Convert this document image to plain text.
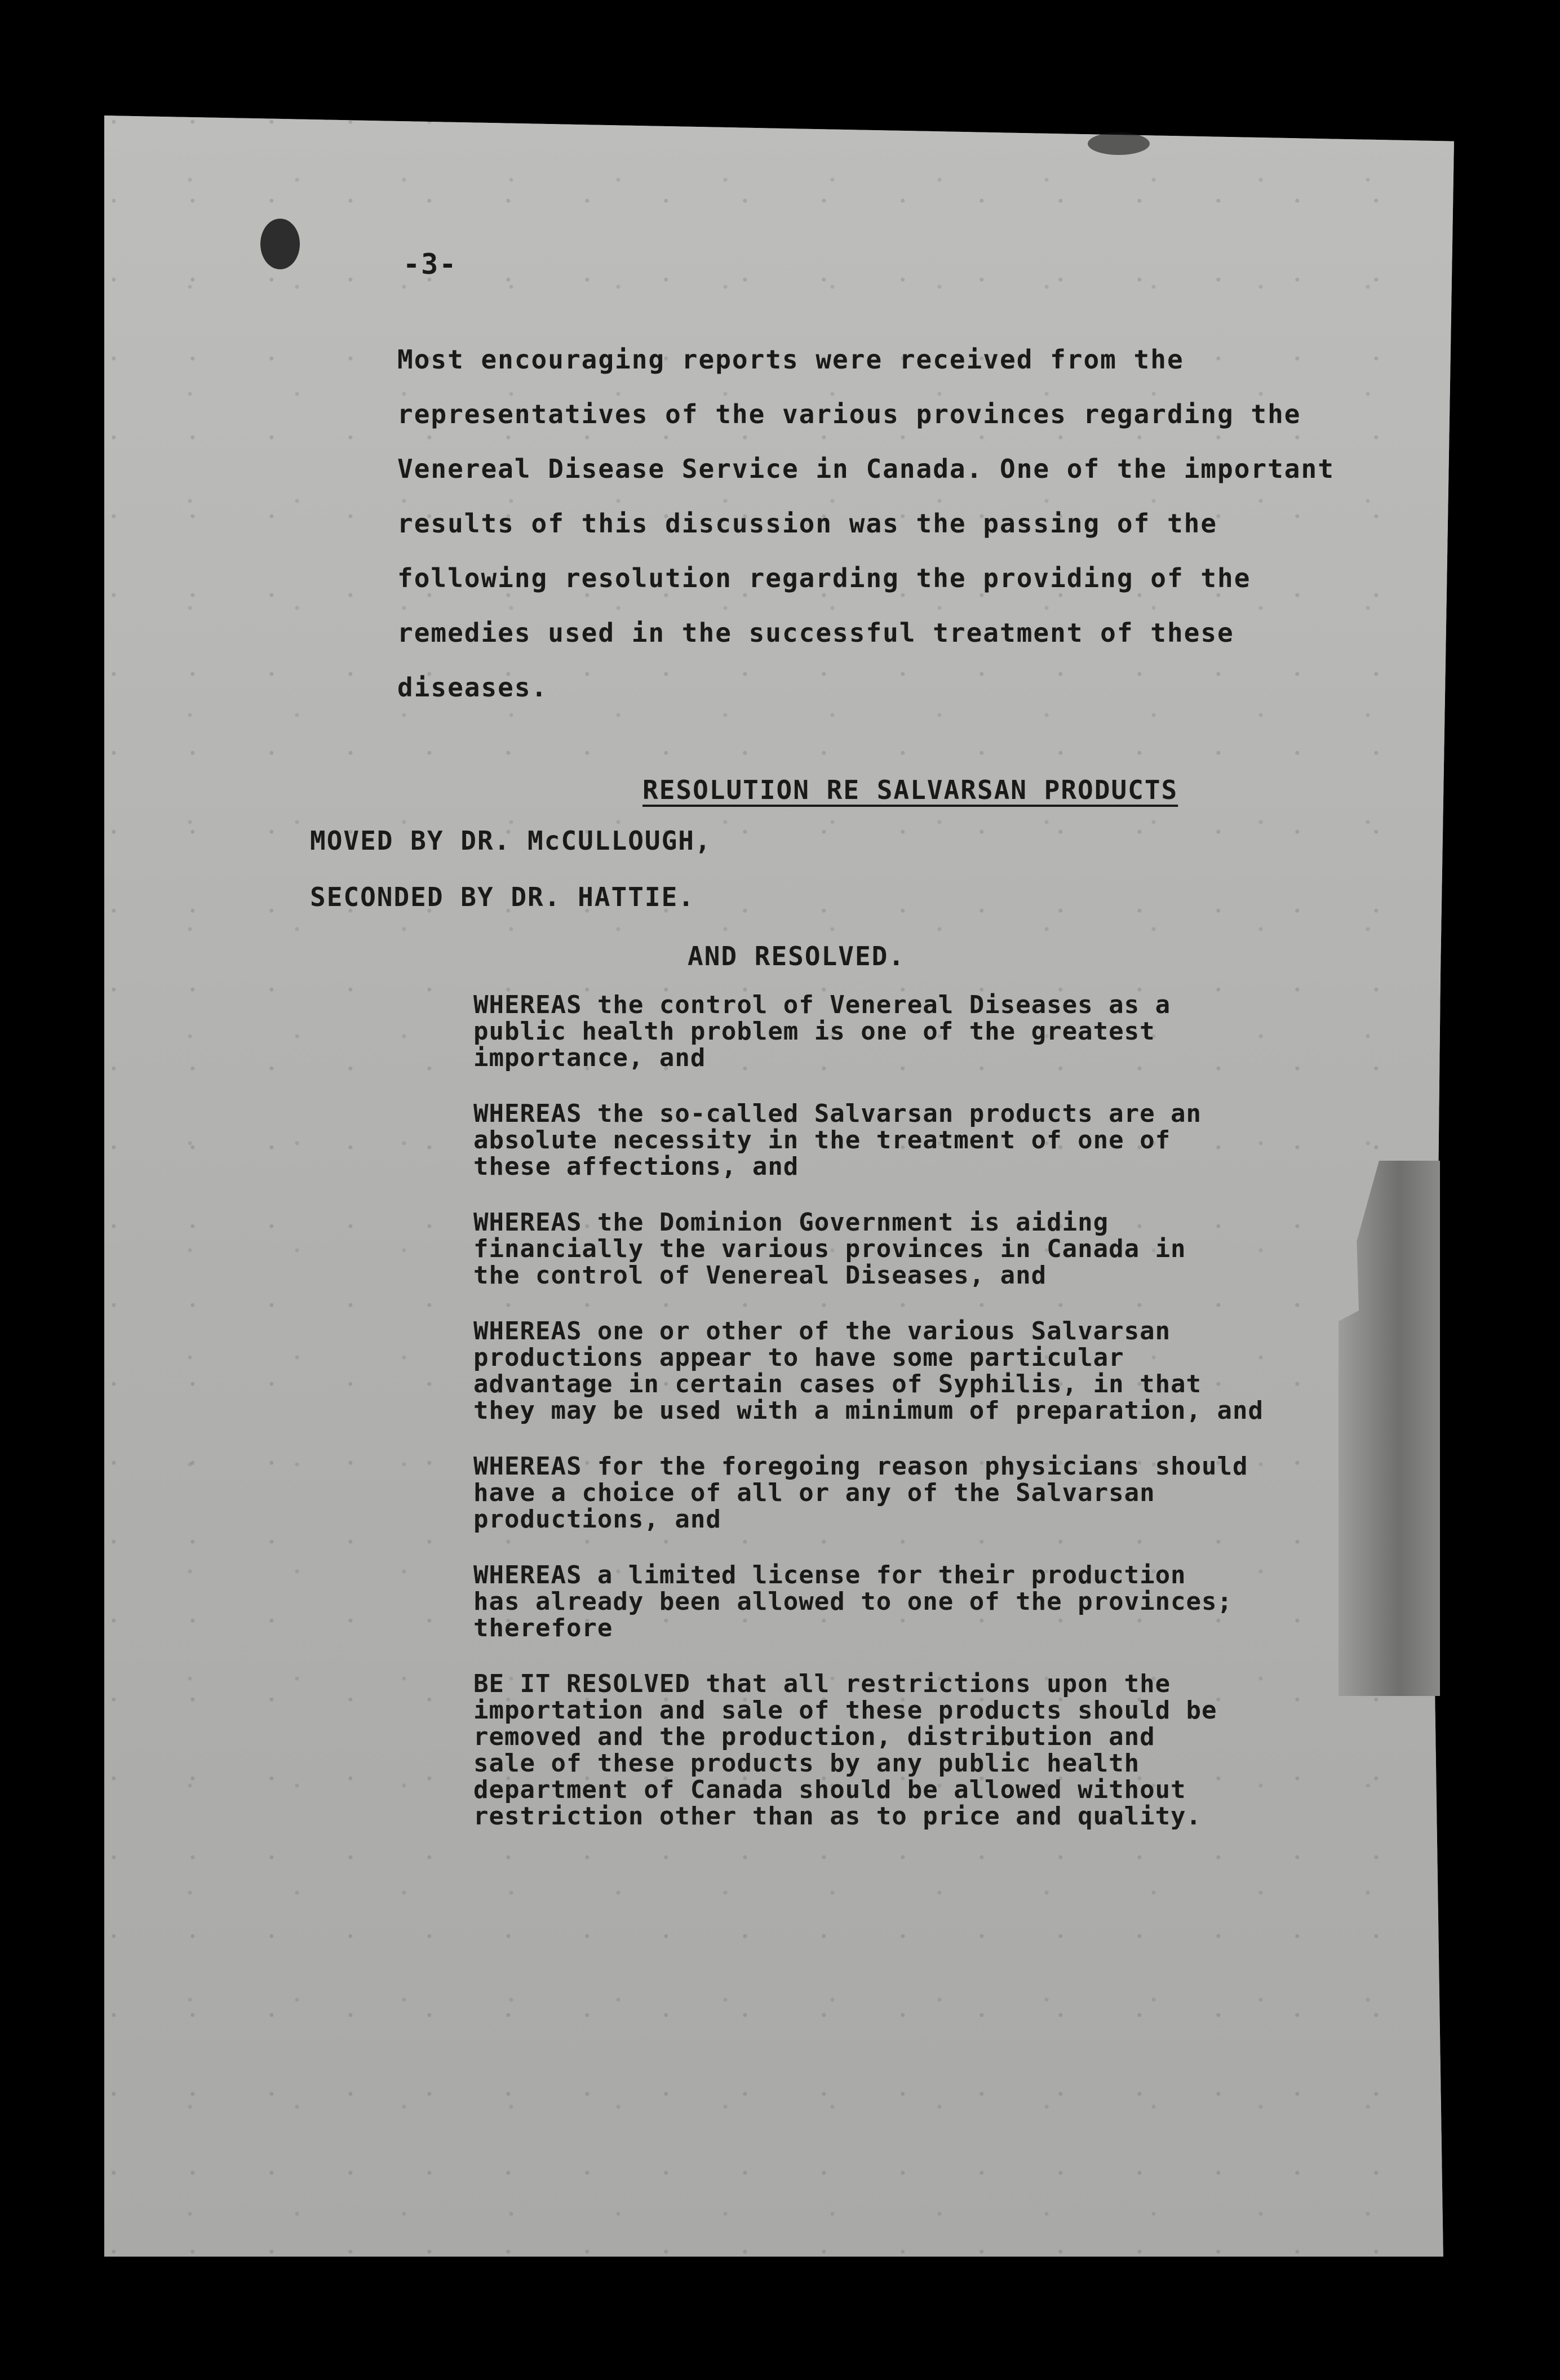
-3-
Most encouraging reports were received from the
representatives of the various provinces regarding the
Venereal Disease Service in Canada. One of the important
results of this discussion was the passing of the
following resolution regarding the providing of the
remedies used in the successful treatment of these
diseases.
RESOLUTION RE SALVARSAN PRODUCTS
MOVED BY DR. McCULLOUGH,
SECONDED BY DR. HATTIE.
AND RESOLVED.

WHEREAS the control of Venereal Diseases as a
public health problem is one of the greatest
importance, and

WHEREAS the so-called Salvarsan products are an
absolute necessity in the treatment of one of
these affections, and

WHEREAS the Dominion Government is aiding
financially the various provinces in Canada in
the control of Venereal Diseases, and

WHEREAS one or other of the various Salvarsan
productions appear to have some particular
advantage in certain cases of Syphilis, in that
they may be used with a minimum of preparation, and

WHEREAS for the foregoing reason physicians should
have a choice of all or any of the Salvarsan
productions, and

WHEREAS a limited license for their production
has already been allowed to one of the provinces;
therefore

BE IT RESOLVED that all restrictions upon the
importation and sale of these products should be
removed and the production, distribution and
sale of these products by any public health
department of Canada should be allowed without
restriction other than as to price and quality.
